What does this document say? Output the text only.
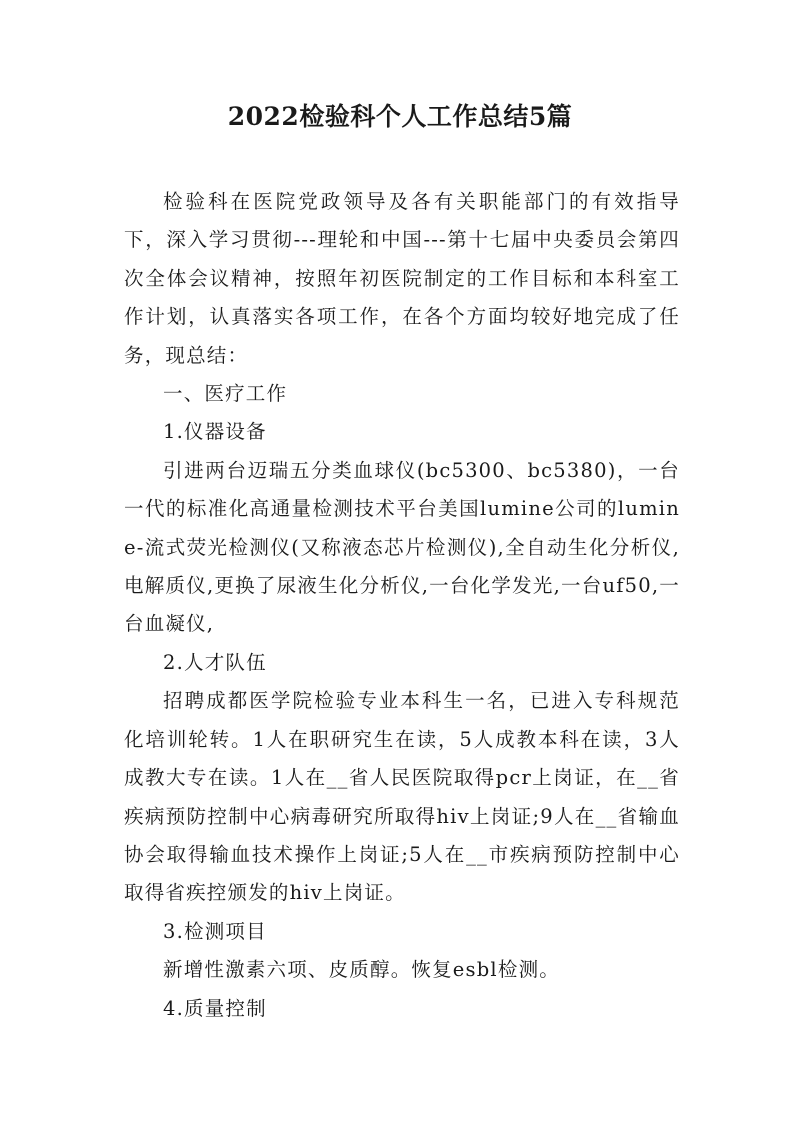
2022检验科个人工作总结5篇

检验科在医院党政领导及各有关职能部门的有效指导下，深入学习贯彻---理轮和中国---第十七届中央委员会第四次全体会议精神，按照年初医院制定的工作目标和本科室工作计划，认真落实各项工作，在各个方面均较好地完成了任务，现总结：

一、医疗工作

1.仪器设备

引进两台迈瑞五分类血球仪(bc5300、bc5380)，一台一代的标准化高通量检测技术平台美国lumine公司的lumine-流式荧光检测仪(又称液态芯片检测仪),全自动生化分析仪,电解质仪,更换了尿液生化分析仪,一台化学发光,一台uf50,一台血凝仪,

2.人才队伍

招聘成都医学院检验专业本科生一名，已进入专科规范化培训轮转。1人在职研究生在读，5人成教本科在读，3人成教大专在读。1人在__省人民医院取得pcr上岗证，在__省疾病预防控制中心病毒研究所取得hiv上岗证;9人在__省输血协会取得输血技术操作上岗证;5人在__市疾病预防控制中心取得省疾控颁发的hiv上岗证。

3.检测项目

新增性激素六项、皮质醇。恢复esbl检测。

4.质量控制
